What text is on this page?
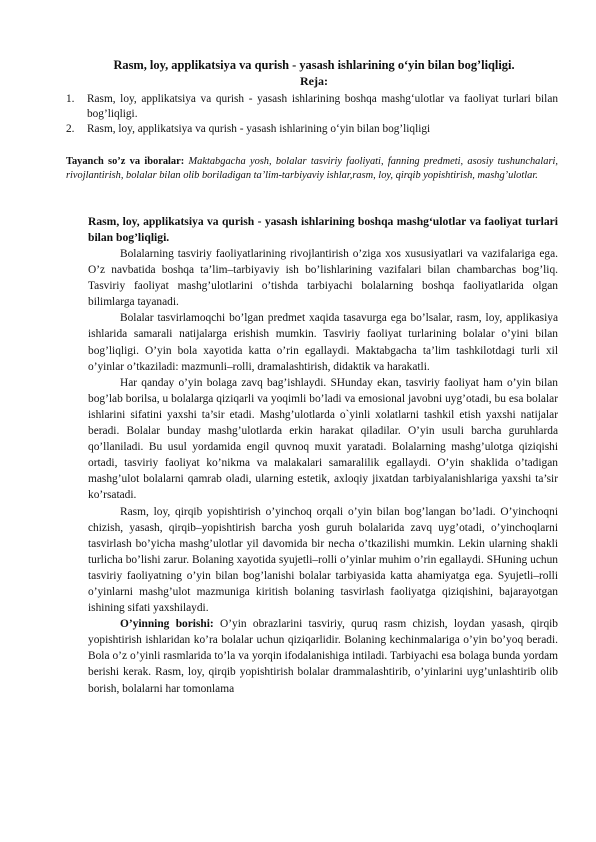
Rasm, loy, applikatsiya va qurish - yasash ishlarining o‘yin bilan bog’liqligi.
Reja:
1.	Rasm, loy, applikatsiya va qurish - yasash ishlarining boshqa mashg‘ulotlar va faoliyat turlari bilan bog’liqligi.
2.	Rasm, loy, applikatsiya va qurish - yasash ishlarining o‘yin bilan bog’liqligi
Tayanch so’z va iboralar: Maktabgacha yosh, bolalar tasviriy faoliyati, fanning predmeti, asosiy tushunchalari, rivojlantirish, bolalar bilan olib boriladigan ta’lim-tarbiyaviy ishlar,rasm, loy, qirqib yopishtirish, mashg’ulotlar.
Rasm, loy, applikatsiya va qurish - yasash ishlarining boshqa mashg‘ulotlar va faoliyat turlari bilan bog’liqligi.

Bolalarning tasviriy faoliyatlarining rivojlantirish o’ziga xos xususiyatlari va vazifalariga ega. O’z navbatida boshqa ta’lim–tarbiyaviy ish bo’lishlarining vazifalari bilan chambarchas bog’liq. Tasviriy faoliyat mashg’ulotlarini o’tishda tarbiyachi bolalarning boshqa faoliyatlarida olgan bilimlarga tayanadi.

Bolalar tasvirlamoqchi bo’lgan predmet xaqida tasavurga ega bo’lsalar, rasm, loy, applikasiya ishlarida samarali natijalarga erishish mumkin. Tasviriy faoliyat turlarining bolalar o’yini bilan bog’liqligi. O’yin bola xayotida katta o’rin egallaydi. Maktabgacha ta’lim tashkilotdagi turli xil o’yinlar o’tkaziladi: mazmunli–rolli, dramalashtirish, didaktik va harakatli.

Har qanday o’yin bolaga zavq bag’ishlaydi. SHunday ekan, tasviriy faoliyat ham o’yin bilan bog’lab borilsa, u bolalarga qiziqarli va yoqimli bo’ladi va emosional javobni uyg’otadi, bu esa bolalar ishlarini sifatini yaxshi ta’sir etadi. Mashg’ulotlarda o`yinli xolatlarni tashkil etish yaxshi natijalar beradi. Bolalar bunday mashg’ulotlarda erkin harakat qiladilar. O’yin usuli barcha guruhlarda qo’llaniladi. Bu usul yordamida engil quvnoq muxit yaratadi. Bolalarning mashg’ulotga qiziqishi ortadi, tasviriy faoliyat ko’nikma va malakalari samaralilik egallaydi. O’yin shaklida o’tadigan mashg’ulot bolalarni qamrab oladi, ularning estetik, axloqiy jixatdan tarbiyalanishlariga yaxshi ta’sir ko’rsatadi.

Rasm, loy, qirqib yopishtirish o’yinchoq orqali o’yin bilan bog’langan bo’ladi. O’yinchoqni chizish, yasash, qirqib–yopishtirish barcha yosh guruh bolalarida zavq uyg’otadi, o’yinchoqlarni tasvirlash bo’yicha mashg’ulotlar yil davomida bir necha o’tkazilishi mumkin. Lekin ularning shakli turlicha bo’lishi zarur. Bolaning xayotida syujetli–rolli o’yinlar muhim o’rin egallaydi. SHuning uchun tasviriy faoliyatning o’yin bilan bog’lanishi bolalar tarbiyasida katta ahamiyatga ega. Syujetli–rolli o’yinlarni mashg’ulot mazmuniga kiritish bolaning tasvirlash faoliyatga qiziqishini, bajarayotgan ishining sifati yaxshilaydi.

O’yinning borishi: O’yin obrazlarini tasviriy, quruq rasm chizish, loydan yasash, qirqib yopishtirish ishlaridan ko’ra bolalar uchun qiziqarlidir. Bolaning kechinmalariga o’yin bo’yoq beradi. Bola o’z o’yinli rasmlarida to’la va yorqin ifodalanishiga intiladi. Tarbiyachi esa bolaga bunda yordam berishi kerak. Rasm, loy, qirqib yopishtirish bolalar drammalashtirib, o’yinlarini uyg’unlashtirib olib borish, bolalarni har tomonlama
